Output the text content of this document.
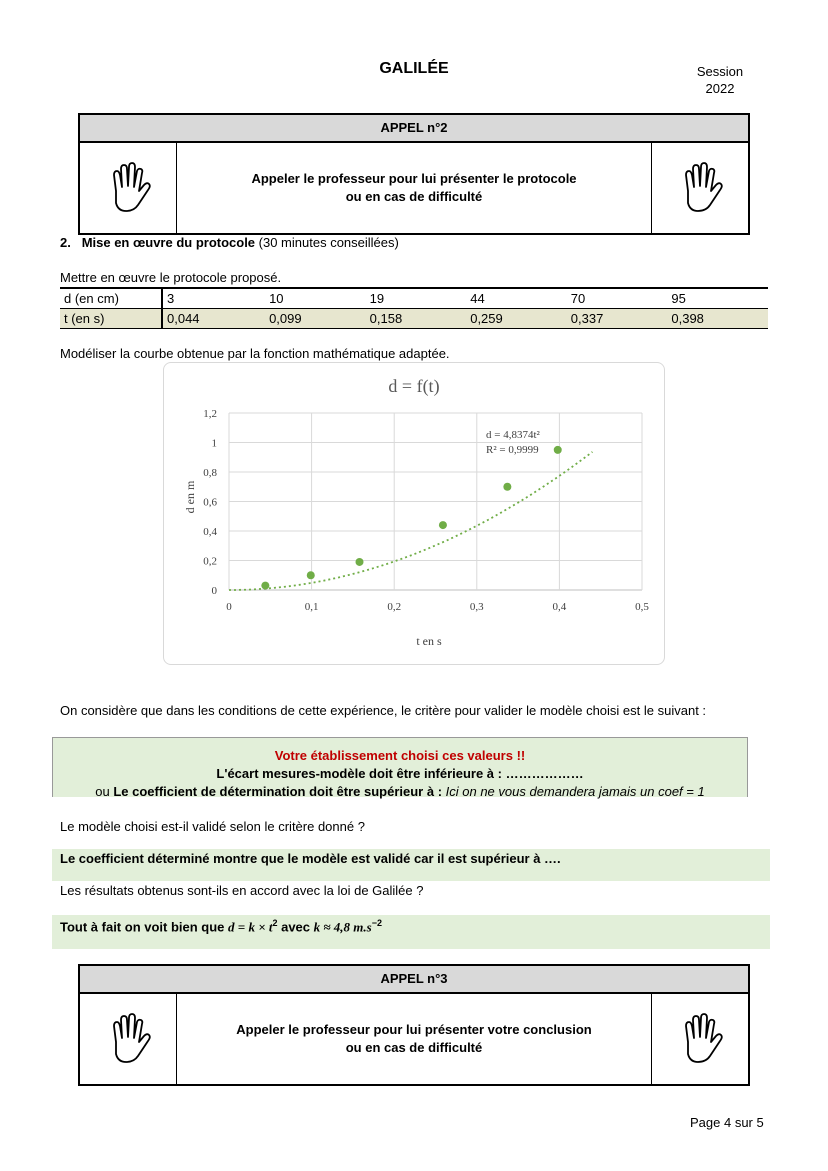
GALILÉE	Session
2022
APPEL n°2
Appeler le professeur pour lui présenter le protocole
ou en cas de difficulté
2. Mise en œuvre du protocole (30 minutes conseillées)
Mettre en œuvre le protocole proposé.
d (en cm)	3	10	19	44	70	95
t (en s)	0,044	0,099	0,158	0,259	0,337	0,398
Modéliser la courbe obtenue par la fonction mathématique adaptée.
d = f(t)
0
0,2
0,4
0,6
0,8
1
1,2
0	0,1	0,2	0,3	0,4	0,5
d = 4,8374t²
R² = 0,9999
t en s
d en m
On considère que dans les conditions de cette expérience, le critère pour valider le modèle choisi est le suivant :
Votre établissement choisi ces valeurs !!
L'écart mesures-modèle doit être inférieure à : ………………
ou Le coefficient de détermination doit être supérieur à : Ici on ne vous demandera jamais un coef = 1
Le modèle choisi est-il validé selon le critère donné ?
Le coefficient déterminé montre que le modèle est validé car il est supérieur à ….
Les résultats obtenus sont-ils en accord avec la loi de Galilée ?
Tout à fait on voit bien que $d = k \times t^2$ avec k ≈ 4,8 $m.s^{-2}$
APPEL n°3
Appeler le professeur pour lui présenter votre conclusion
ou en cas de difficulté
Page 4 sur 5
